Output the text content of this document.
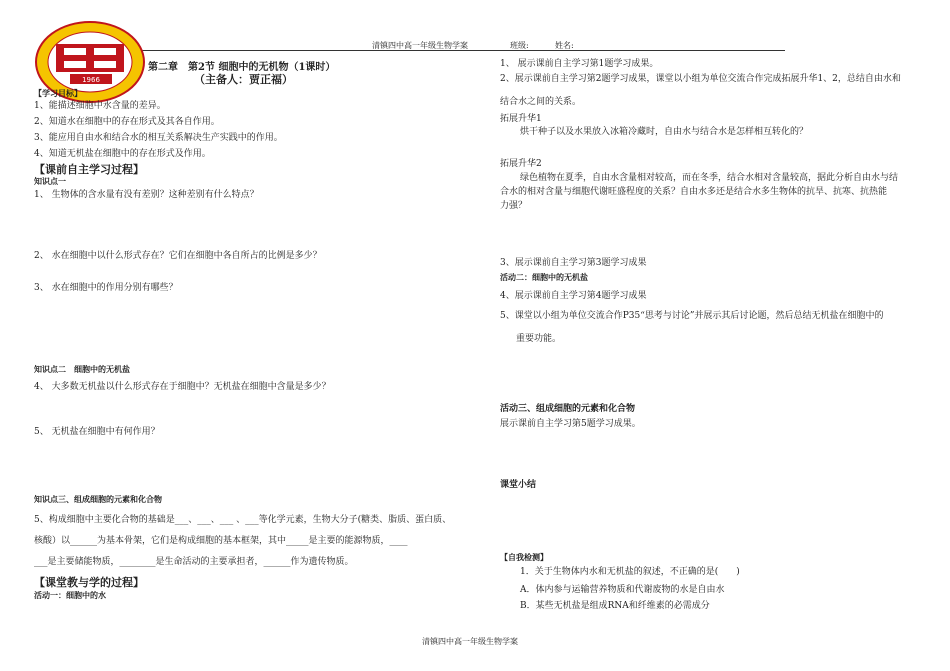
清镇四中高一年级生物学案	班级:	姓名:
1966
第二章　第2节 细胞中的无机物（1课时）
（主备人：贾正福）
【学习目标】
1、能描述细胞中水含量的差异。
2、知道水在细胞中的存在形式及其各自作用。
3、能应用自由水和结合水的相互关系解决生产实践中的作用。
4、知道无机盐在细胞中的存在形式及作用。
【课前自主学习过程】
知识点一
1、 生物体的含水量有没有差别？这种差别有什么特点？
2、 水在细胞中以什么形式存在？它们在细胞中各自所占的比例是多少？
3、 水在细胞中的作用分别有哪些？
知识点二　细胞中的无机盐
4、 大多数无机盐以什么形式存在于细胞中？无机盐在细胞中含量是多少？
5、 无机盐在细胞中有何作用？
知识点三、组成细胞的元素和化合物
5、构成细胞中主要化合物的基础是___、___、___ 、___等化学元素，生物大分子(糖类、脂质、蛋白质、
核酸）以______为基本骨架，它们是构成细胞的基本框架，其中_____是主要的能源物质，____
___是主要储能物质，________是生命活动的主要承担者，______作为遗传物质。
【课堂教与学的过程】
活动一：细胞中的水
1、 展示课前自主学习第1题学习成果。
2、展示课前自主学习第2题学习成果，课堂以小组为单位交流合作完成拓展升华1、2，总结自由水和
结合水之间的关系。
拓展升华1
烘干种子以及水果放入冰箱冷藏时，自由水与结合水是怎样相互转化的？
拓展升华2
绿色植物在夏季，自由水含量相对较高，而在冬季，结合水相对含量较高，据此分析自由水与结
合水的相对含量与细胞代谢旺盛程度的关系？自由水多还是结合水多生物体的抗旱、抗寒、抗热能
力强？
3、展示课前自主学习第3题学习成果
活动二：细胞中的无机盐
4、展示课前自主学习第4题学习成果
5、课堂以小组为单位交流合作P35“思考与讨论”并展示其后讨论题，然后总结无机盐在细胞中的
重要功能。
活动三、组成细胞的元素和化合物
展示课前自主学习第5题学习成果。
课堂小结
【自我检测】
1．关于生物体内水和无机盐的叙述，不正确的是(　　)
A．体内参与运输营养物质和代谢废物的水是自由水
B．某些无机盐是组成RNA和纤维素的必需成分
清镇四中高一年级生物学案
